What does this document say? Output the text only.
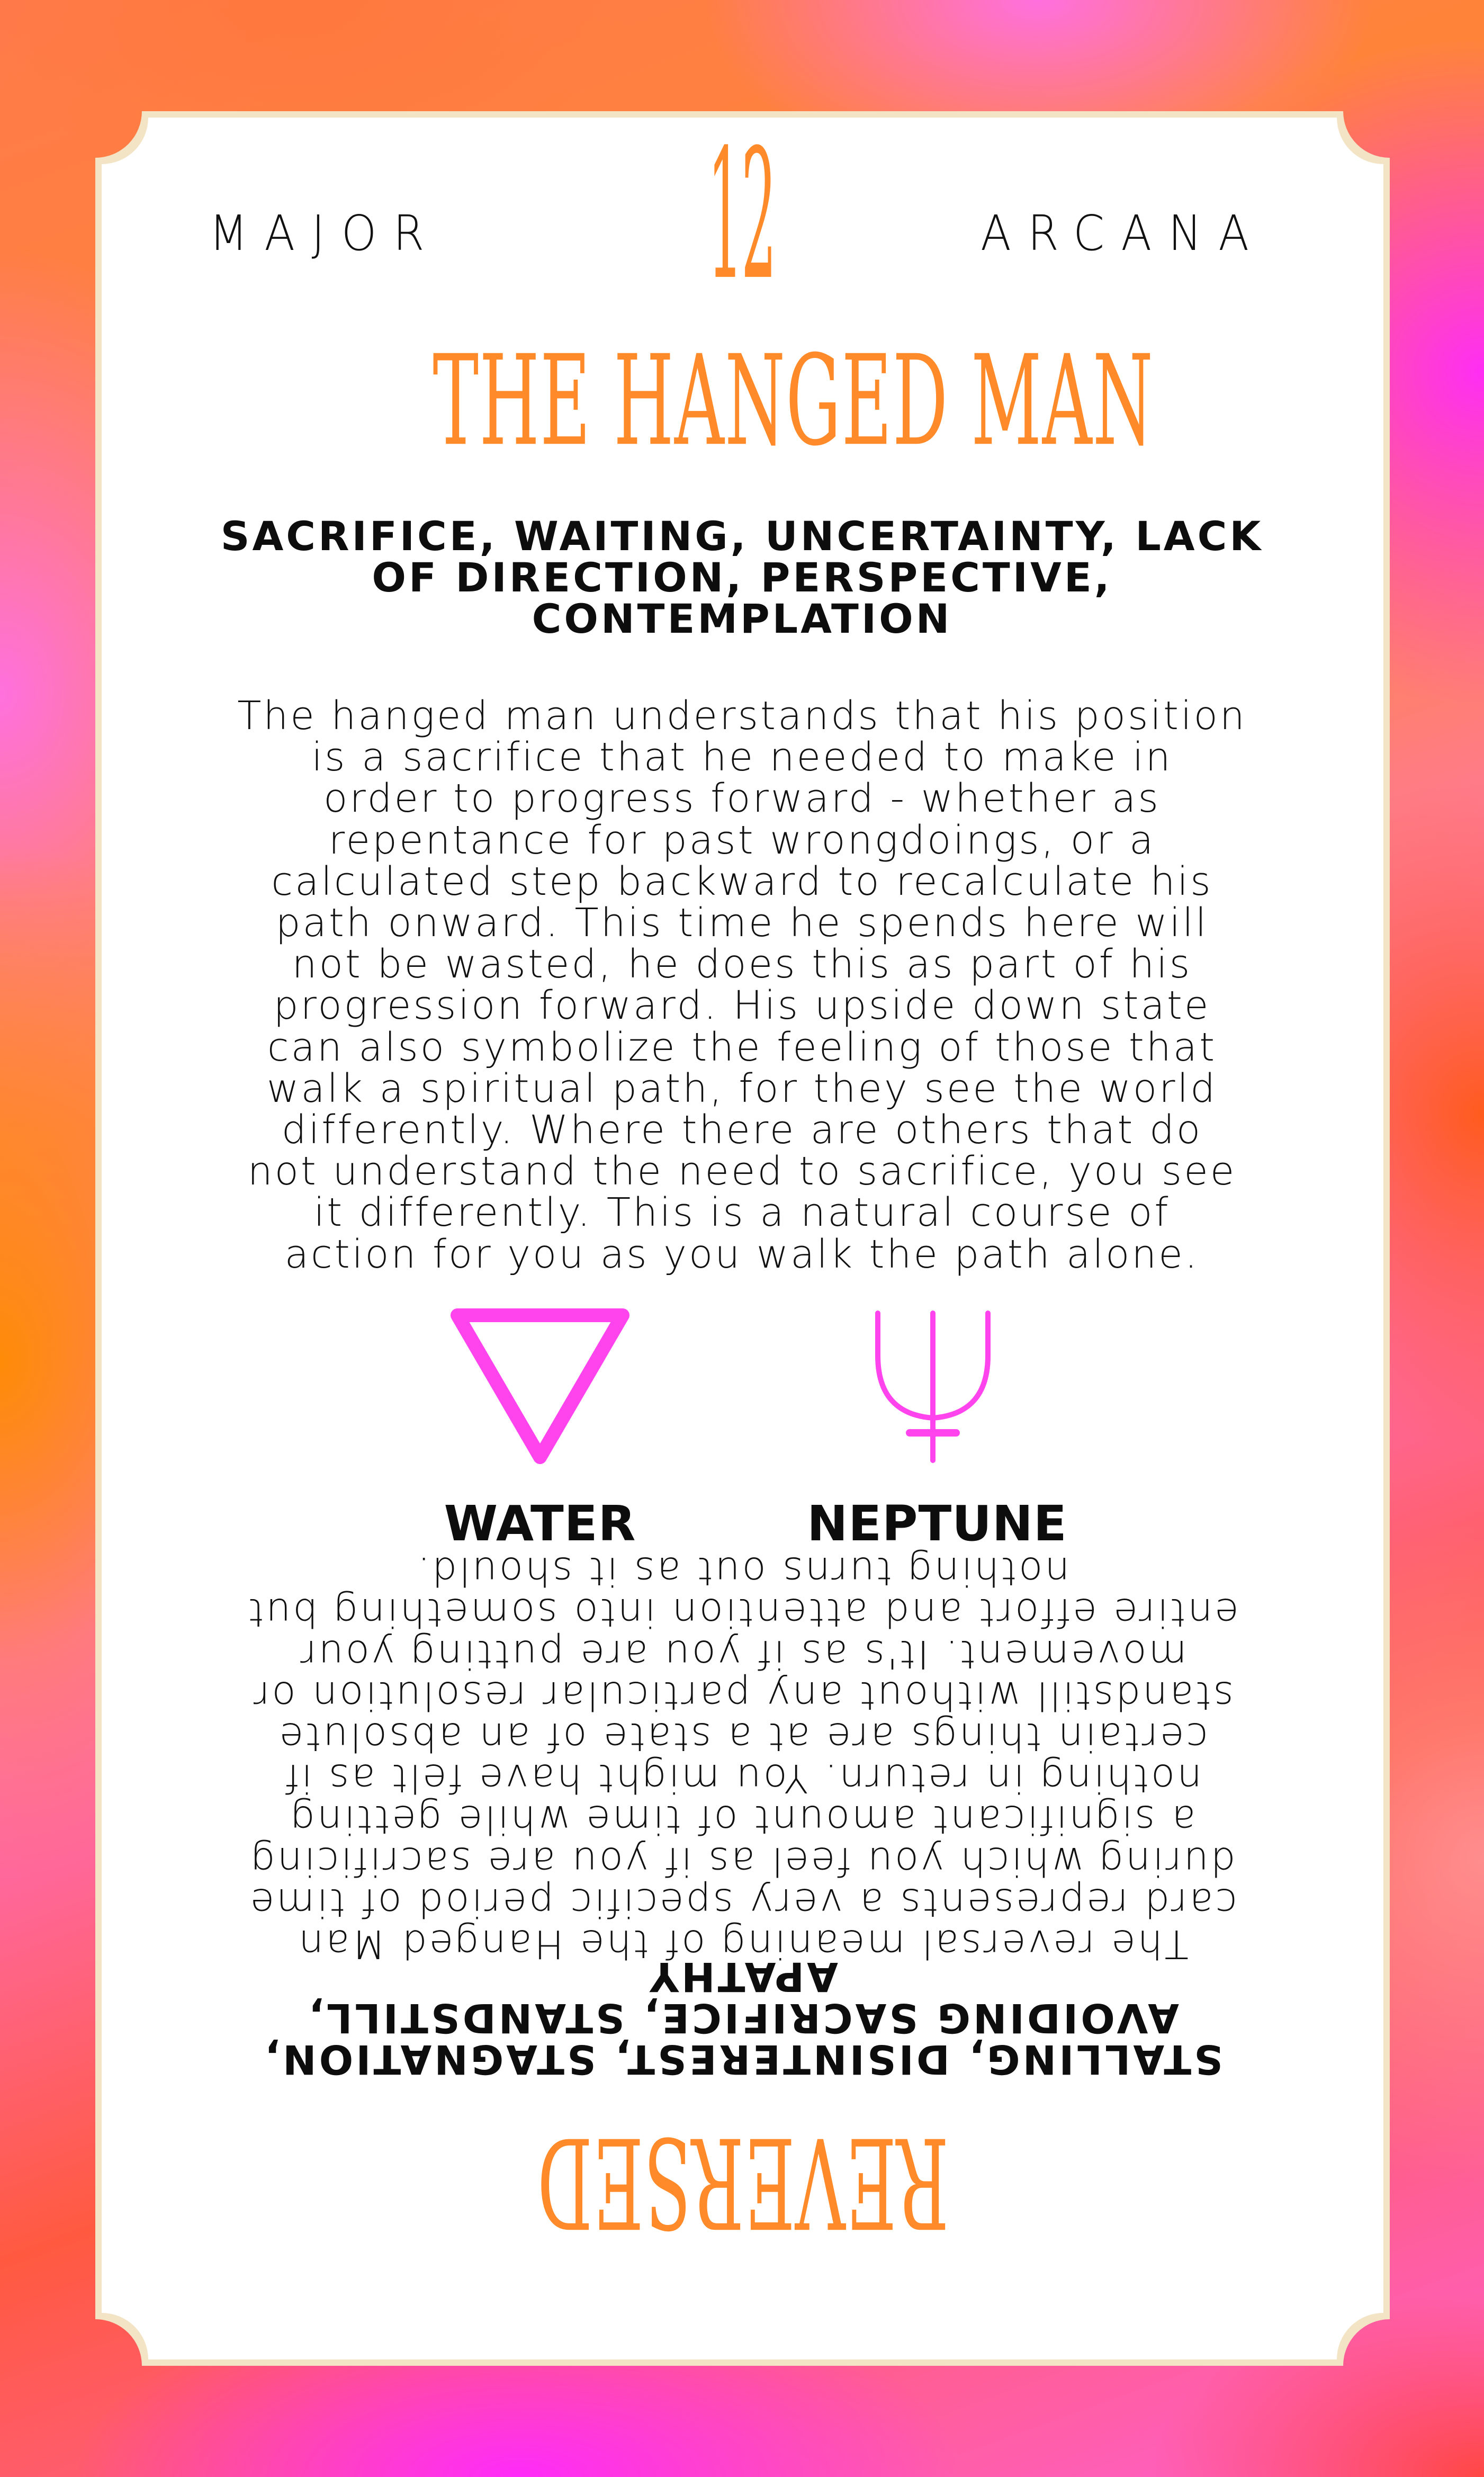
MAJOR	ARCANA
12
THE HANGED MAN
SACRIFICE, WAITING, UNCERTAINTY, LACK
OF DIRECTION, PERSPECTIVE,
CONTEMPLATION
The hanged man understands that his position
is a sacrifice that he needed to make in
order to progress forward - whether as
repentance for past wrongdoings, or a
calculated step backward to recalculate his
path onward. This time he spends here will
not be wasted, he does this as part of his
progression forward. His upside down state
can also symbolize the feeling of those that
walk a spiritual path, for they see the world
differently. Where there are others that do
not understand the need to sacrifice, you see
it differently. This is a natural course of
action for you as you walk the path alone.
WATER	NEPTUNE
REVERSED
STALLING, DISINTEREST, STAGNATION,
AVOIDING SACRIFICE, STANDSTILL,
APATHY
The reversal meaning of the Hanged Man
card represents a very specific period of time
during which you feel as if you are sacrificing
a significant amount of time while getting
nothing in return. You might have felt as if
certain things are at a state of an absolute
standstill without any particular resolution or
movement. It's as if you are putting your
entire effort and attention into something but
nothing turns out as it should.
